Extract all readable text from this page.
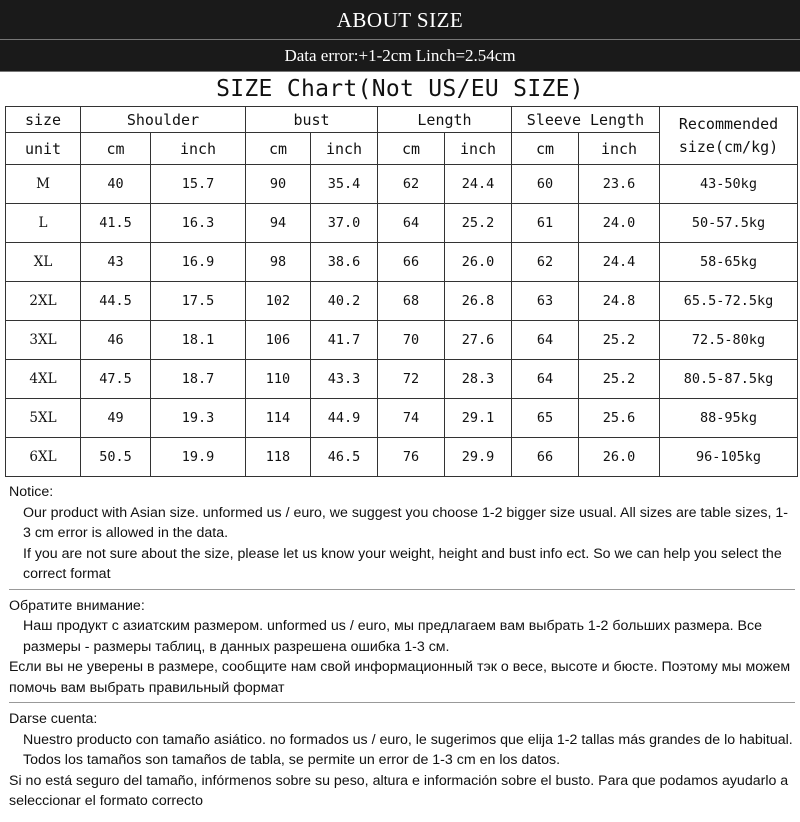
ABOUT SIZE
Data error:+1-2cm Linch=2.54cm
SIZE Chart(Not US/EU SIZE)
size	Shoulder		bust		Length		Sleeve Length		Recommended
size(cm/kg)
unit	cm	inch	cm	inch	cm	inch	cm	inch	
M	40	15.7	90	35.4	62	24.4	60	23.6	43-50kg
L	41.5	16.3	94	37.0	64	25.2	61	24.0	50-57.5kg
XL	43	16.9	98	38.6	66	26.0	62	24.4	58-65kg
2XL	44.5	17.5	102	40.2	68	26.8	63	24.8	65.5-72.5kg
3XL	46	18.1	106	41.7	70	27.6	64	25.2	72.5-80kg
4XL	47.5	18.7	110	43.3	72	28.3	64	25.2	80.5-87.5kg
5XL	49	19.3	114	44.9	74	29.1	65	25.6	88-95kg
6XL	50.5	19.9	118	46.5	76	29.9	66	26.0	96-105kg
Notice:
Our product with Asian size. unformed us / euro, we suggest you choose 1-2 bigger size usual. All sizes are table sizes, 1-3 cm error is allowed in the data.
If you are not sure about the size, please let us know your weight, height and bust info ect. So we can help you select the correct format
Обратите внимание:
Наш продукт с азиатским размером. unformed us / euro, мы предлагаем вам выбрать 1-2 больших размера. Все размеры - размеры таблиц, в данных разрешена ошибка 1-3 см.
Если вы не уверены в размере, сообщите нам свой информационный тэк о весе, высоте и бюсте. Поэтому мы можем помочь вам выбрать правильный формат
Darse cuenta:
Nuestro producto con tamaño asiático. no formados us / euro, le sugerimos que elija 1-2 tallas más grandes de lo habitual. Todos los tamaños son tamaños de tabla, se permite un error de 1-3 cm en los datos.
Si no está seguro del tamaño, infórmenos sobre su peso, altura e información sobre el busto. Para que podamos ayudarlo a seleccionar el formato correcto
